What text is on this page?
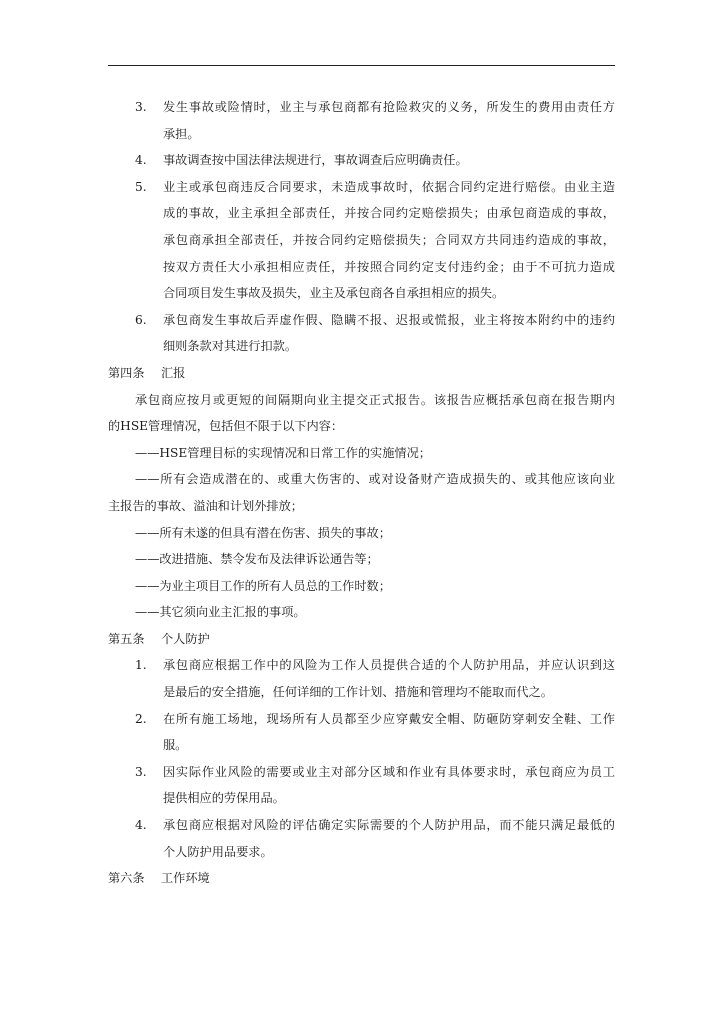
3. 发生事故或险情时，业主与承包商都有抢险救灾的义务，所发生的费用由责任方
承担。
4. 事故调查按中国法律法规进行，事故调查后应明确责任。
5. 业主或承包商违反合同要求，未造成事故时，依据合同约定进行赔偿。由业主造
成的事故，业主承担全部责任，并按合同约定赔偿损失；由承包商造成的事故，
承包商承担全部责任，并按合同约定赔偿损失；合同双方共同违约造成的事故，
按双方责任大小承担相应责任，并按照合同约定支付违约金；由于不可抗力造成
合同项目发生事故及损失，业主及承包商各自承担相应的损失。
6. 承包商发生事故后弄虚作假、隐瞒不报、迟报或慌报，业主将按本附约中的违约
细则条款对其进行扣款。
第四条 汇报
承包商应按月或更短的间隔期向业主提交正式报告。该报告应概括承包商在报告期内
的HSE管理情况，包括但不限于以下内容：
——HSE管理目标的实现情况和日常工作的实施情况；
——所有会造成潜在的、或重大伤害的、或对设备财产造成损失的、或其他应该向业
主报告的事故、溢油和计划外排放；
——所有未遂的但具有潜在伤害、损失的事故；
——改进措施、禁令发布及法律诉讼通告等；
——为业主项目工作的所有人员总的工作时数；
——其它须向业主汇报的事项。
第五条 个人防护
1. 承包商应根据工作中的风险为工作人员提供合适的个人防护用品，并应认识到这
是最后的安全措施，任何详细的工作计划、措施和管理均不能取而代之。
2. 在所有施工场地，现场所有人员都至少应穿戴安全帽、防砸防穿刺安全鞋、工作
服。
3. 因实际作业风险的需要或业主对部分区域和作业有具体要求时，承包商应为员工
提供相应的劳保用品。
4. 承包商应根据对风险的评估确定实际需要的个人防护用品，而不能只满足最低的
个人防护用品要求。
第六条 工作环境
